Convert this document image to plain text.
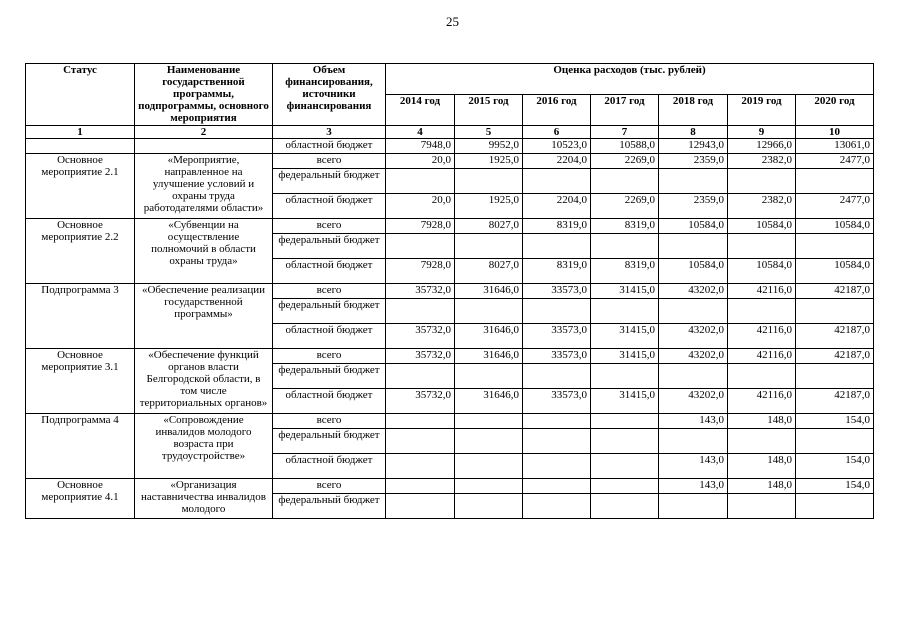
25
Статус	Наименование государственной программы, подпрограммы, основного мероприятия	Объем финансирования, источники финансирования	Оценка расходов (тыс. рублей)						
			2014 год	2015 год	2016 год	2017 год	2018 год	2019 год	2020 год
1	2	3	4	5	6	7	8	9	10
		областной бюджет	7948,0	9952,0	10523,0	10588,0	12943,0	12966,0	13061,0
Основное мероприятие 2.1	«Мероприятие, направленное на улучшение условий и охраны труда работодателями области»	всего	20,0	1925,0	2204,0	2269,0	2359,0	2382,0	2477,0
		федеральный бюджет							
		областной бюджет	20,0	1925,0	2204,0	2269,0	2359,0	2382,0	2477,0
Основное мероприятие 2.2	«Субвенции на осуществление полномочий в области охраны труда»	всего	7928,0	8027,0	8319,0	8319,0	10584,0	10584,0	10584,0
		федеральный бюджет							
		областной бюджет	7928,0	8027,0	8319,0	8319,0	10584,0	10584,0	10584,0
Подпрограмма 3	«Обеспечение реализации государственной программы»	всего	35732,0	31646,0	33573,0	31415,0	43202,0	42116,0	42187,0
		федеральный бюджет							
		областной бюджет	35732,0	31646,0	33573,0	31415,0	43202,0	42116,0	42187,0
Основное мероприятие 3.1	«Обеспечение функций органов власти Белгородской области, в том числе территориальных органов»	всего	35732,0	31646,0	33573,0	31415,0	43202,0	42116,0	42187,0
		федеральный бюджет							
		областной бюджет	35732,0	31646,0	33573,0	31415,0	43202,0	42116,0	42187,0
Подпрограмма 4	«Сопровождение инвалидов молодого возраста при трудоустройстве»	всего					143,0	148,0	154,0
		федеральный бюджет							
		областной бюджет					143,0	148,0	154,0
Основное мероприятие 4.1	«Организация наставничества инвалидов молодого	всего					143,0	148,0	154,0
		федеральный бюджет							
